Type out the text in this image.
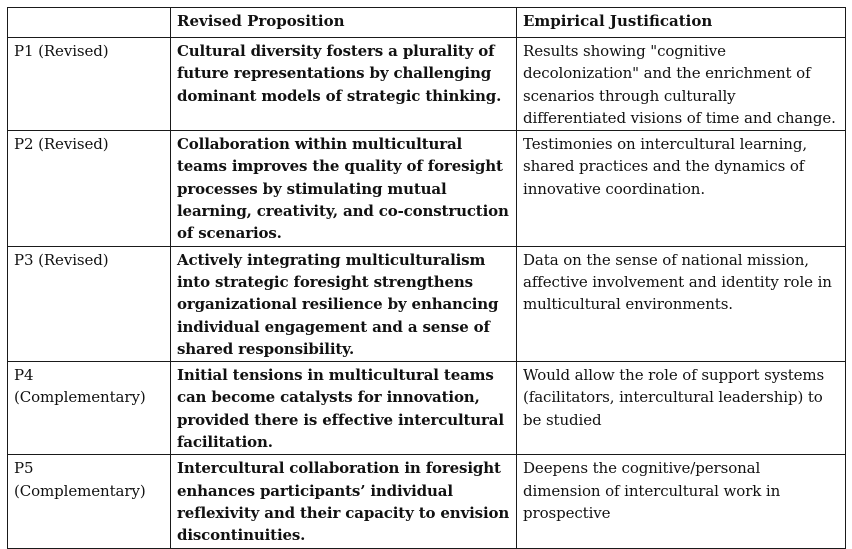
	Revised Proposition	Empirical Justification
P1 (Revised)	Cultural diversity fosters a plurality of future representations by challenging dominant models of strategic thinking.	Results showing "cognitive decolonization" and the enrichment of scenarios through culturally differentiated visions of time and change.
P2 (Revised)	Collaboration within multicultural teams improves the quality of foresight processes by stimulating mutual learning, creativity, and co-construction of scenarios.	Testimonies on intercultural learning, shared practices and the dynamics of innovative coordination.
P3 (Revised)	Actively integrating multiculturalism into strategic foresight strengthens organizational resilience by enhancing individual engagement and a sense of shared responsibility.	Data on the sense of national mission, affective involvement and identity role in multicultural environments.
P4 (Complementary)	Initial tensions in multicultural teams can become catalysts for innovation, provided there is effective intercultural facilitation.	Would allow the role of support systems (facilitators, intercultural leadership) to be studied
P5 (Complementary)	Intercultural collaboration in foresight enhances participants’ individual reflexivity and their capacity to envision discontinuities.	Deepens the cognitive/personal dimension of intercultural work in prospective
